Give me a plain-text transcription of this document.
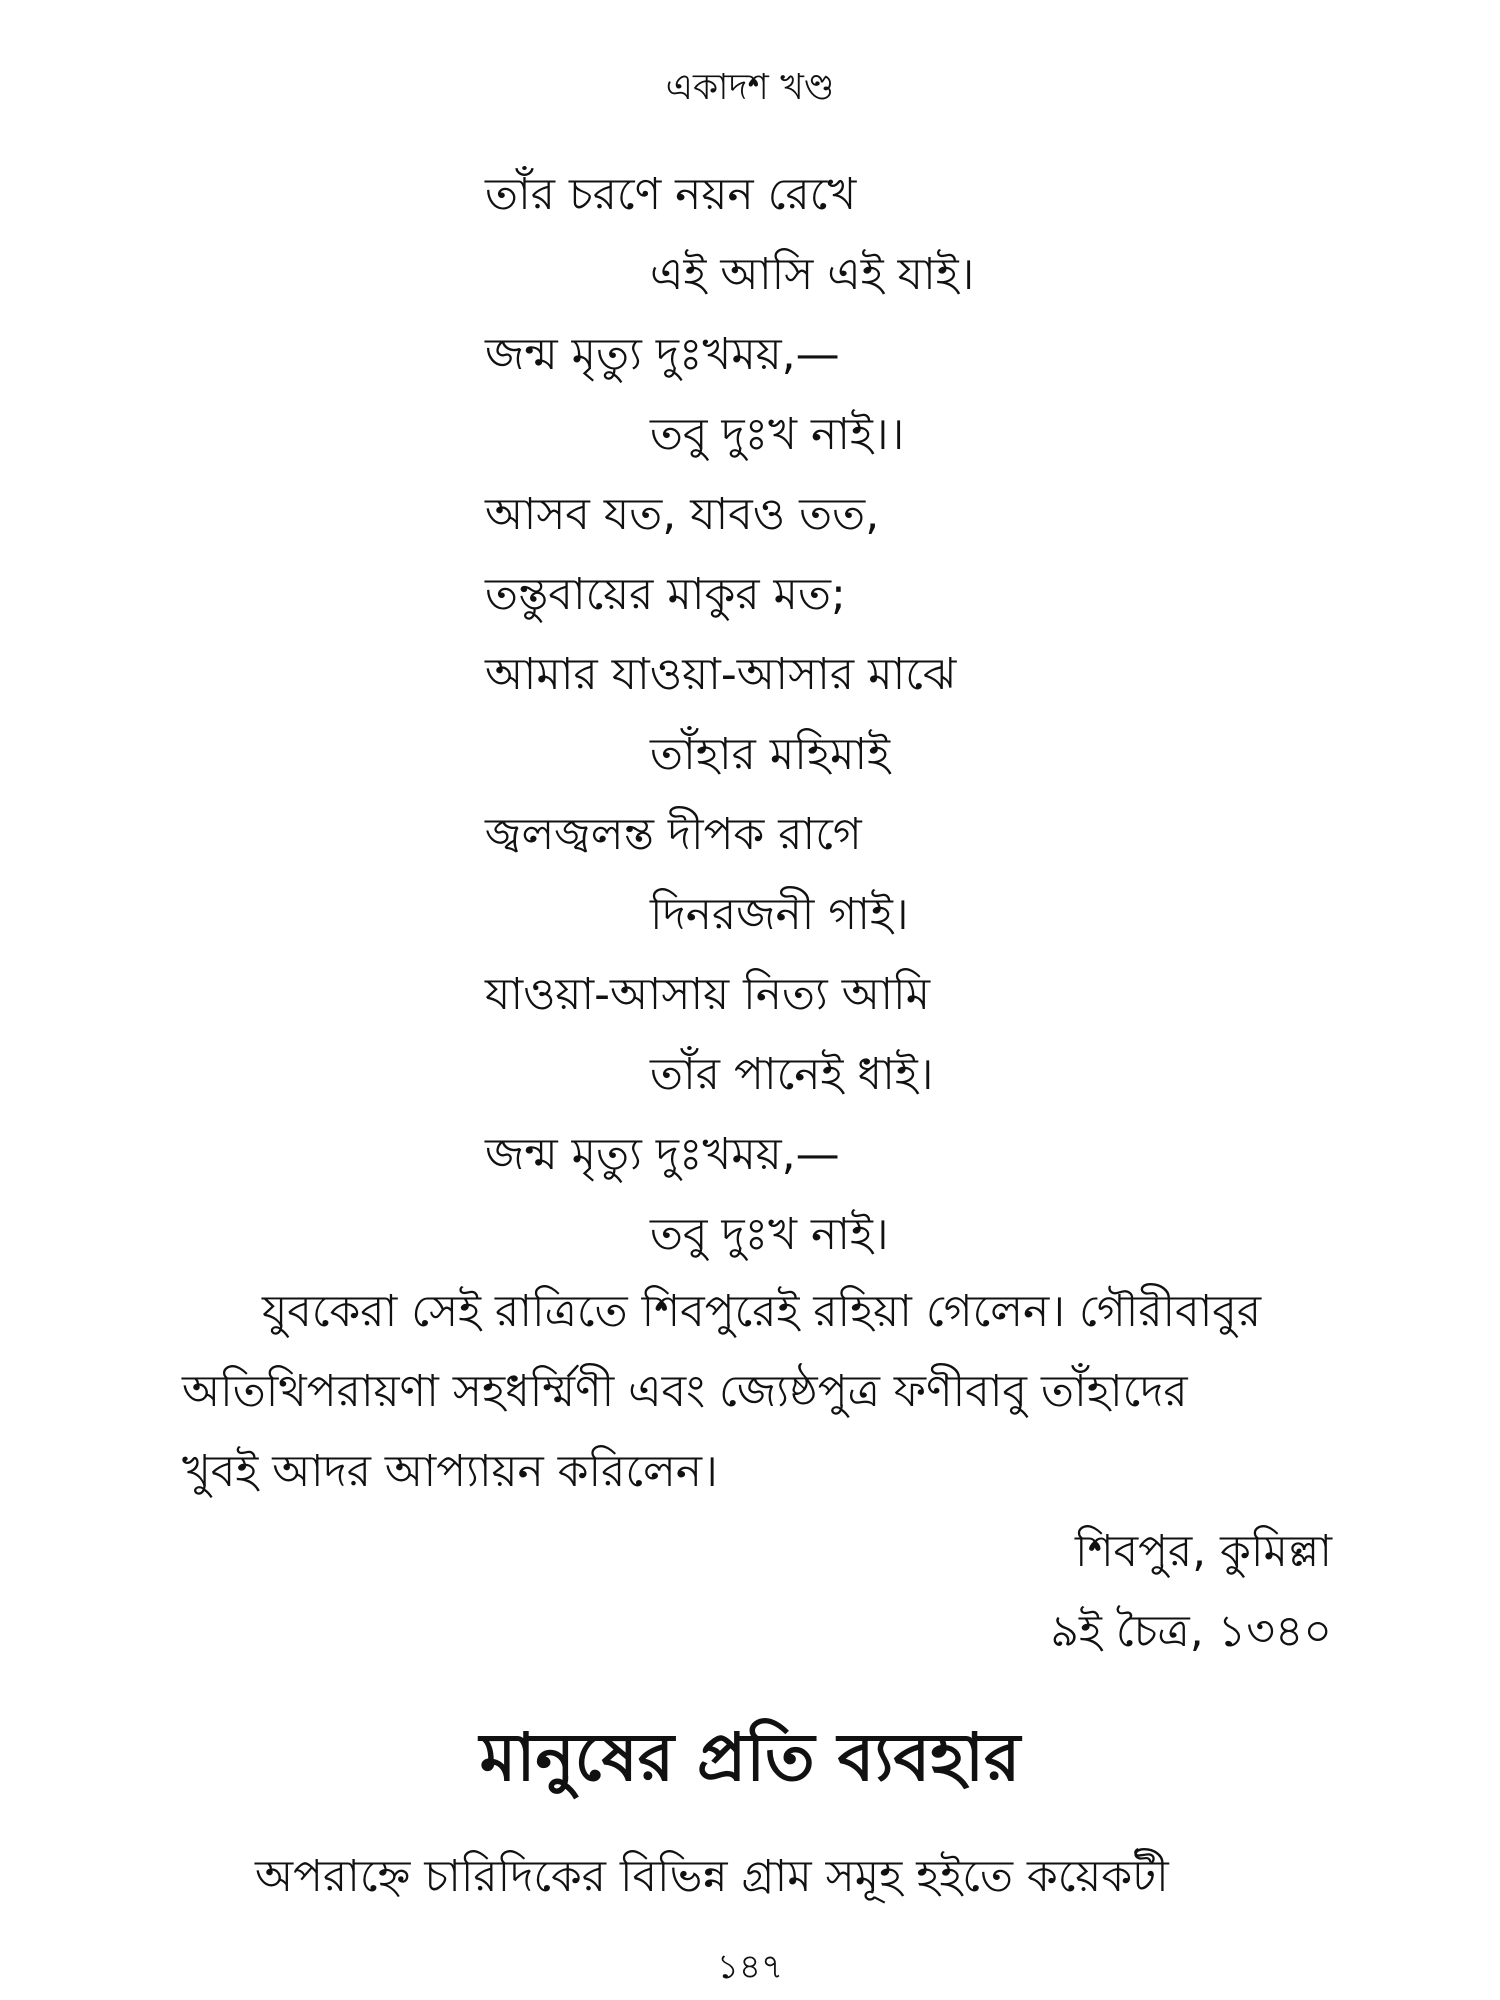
একাদশ খণ্ড
তাঁর চরণে নয়ন রেখে
এই আসি এই যাই।
জন্ম মৃত্যু দুঃখময়,—
তবু দুঃখ নাই।।
আসব যত, যাবও তত,
তন্তুবায়ের মাকুর মত;
আমার যাওয়া-আসার মাঝে
তাঁহার মহিমাই
জ্বলজ্বলন্ত দীপক রাগে
দিনরজনী গাই।
যাওয়া-আসায় নিত্য আমি
তাঁর পানেই ধাই।
জন্ম মৃত্যু দুঃখময়,—
তবু দুঃখ নাই।
যুবকেরা সেই রাত্রিতে শিবপুরেই রহিয়া গেলেন। গৌরীবাবুর
অতিথিপরায়ণা সহধর্ম্মিণী এবং জ্যেষ্ঠপুত্র ফণীবাবু তাঁহাদের
খুবই আদর আপ্যায়ন করিলেন।
শিবপুর, কুমিল্লা
৯ই চৈত্র, ১৩৪০
মানুষের প্রতি ব্যবহার
অপরাহ্নে চারিদিকের বিভিন্ন গ্রাম সমূহ হইতে কয়েকটী
১৪৭
